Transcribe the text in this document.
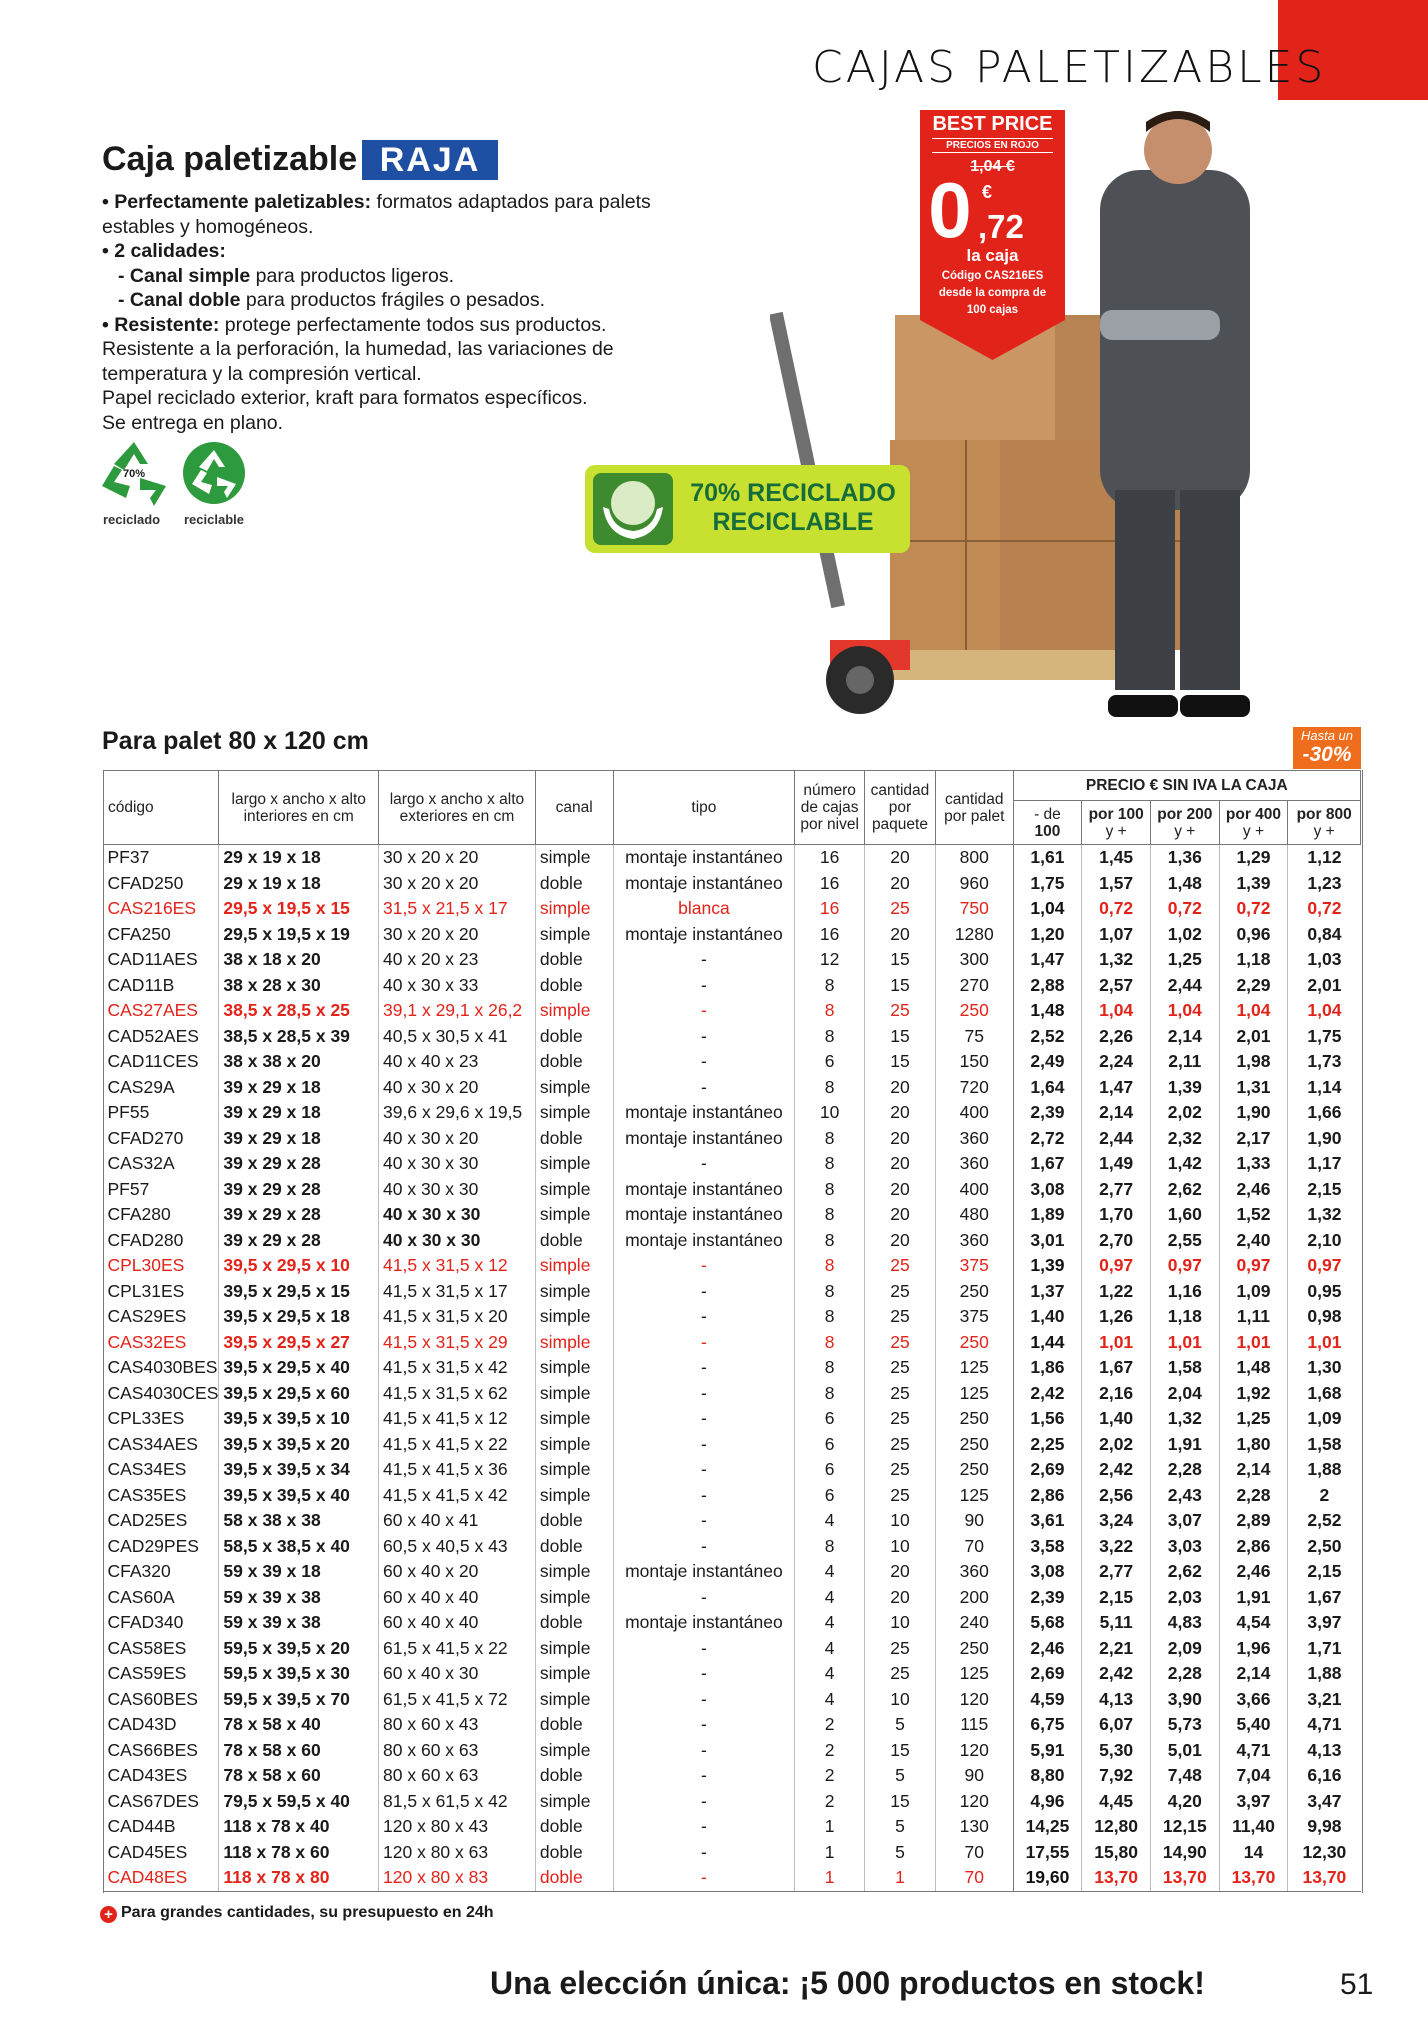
CAJAS PALETIZABLES
Caja paletizable RAJA

• Perfectamente paletizables: formatos adaptados para palets estables y homogéneos.

• 2 calidades:

- Canal simple para productos ligeros.

- Canal doble para productos frágiles o pesados.

• Resistente: protege perfectamente todos sus productos. Resistente a la perforación, la humedad, las variaciones de temperatura y la compresión vertical.

Papel reciclado exterior, kraft para formatos específicos.

Se entrega en plano.

70%
reciclado reciclable
BEST PRICE
PRECIOS EN ROJO
1,04 €
0 €
,72
la caja
Código CAS216ES
desde la compra de
100 cajas
70% RECICLADO
RECICLABLE
Para palet 80 x 120 cm	Hasta un
-30%
código	largo x ancho x alto interiores en cm	largo x ancho x alto exteriores en cm	canal	tipo	número de cajas por nivel	cantidad por paquete	cantidad por palet	PRECIO € SIN IVA LA CAJA				
								- de
100	por 100
y +	por 200
y +	por 400
y +	por 800
y +
PF37	29 x 19 x 18	30 x 20 x 20	simple	montaje instantáneo	16	20	800	1,61	1,45	1,36	1,29	1,12
CFAD250	29 x 19 x 18	30 x 20 x 20	doble	montaje instantáneo	16	20	960	1,75	1,57	1,48	1,39	1,23
CAS216ES	29,5 x 19,5 x 15	31,5 x 21,5 x 17	simple	blanca	16	25	750	1,04	0,72	0,72	0,72	0,72
CFA250	29,5 x 19,5 x 19	30 x 20 x 20	simple	montaje instantáneo	16	20	1280	1,20	1,07	1,02	0,96	0,84
CAD11AES	38 x 18 x 20	40 x 20 x 23	doble	-	12	15	300	1,47	1,32	1,25	1,18	1,03
CAD11B	38 x 28 x 30	40 x 30 x 33	doble	-	8	15	270	2,88	2,57	2,44	2,29	2,01
CAS27AES	38,5 x 28,5 x 25	39,1 x 29,1 x 26,2	simple	-	8	25	250	1,48	1,04	1,04	1,04	1,04
CAD52AES	38,5 x 28,5 x 39	40,5 x 30,5 x 41	doble	-	8	15	75	2,52	2,26	2,14	2,01	1,75
CAD11CES	38 x 38 x 20	40 x 40 x 23	doble	-	6	15	150	2,49	2,24	2,11	1,98	1,73
CAS29A	39 x 29 x 18	40 x 30 x 20	simple	-	8	20	720	1,64	1,47	1,39	1,31	1,14
PF55	39 x 29 x 18	39,6 x 29,6 x 19,5	simple	montaje instantáneo	10	20	400	2,39	2,14	2,02	1,90	1,66
CFAD270	39 x 29 x 18	40 x 30 x 20	doble	montaje instantáneo	8	20	360	2,72	2,44	2,32	2,17	1,90
CAS32A	39 x 29 x 28	40 x 30 x 30	simple	-	8	20	360	1,67	1,49	1,42	1,33	1,17
PF57	39 x 29 x 28	40 x 30 x 30	simple	montaje instantáneo	8	20	400	3,08	2,77	2,62	2,46	2,15
CFA280	39 x 29 x 28	40 x 30 x 30	simple	montaje instantáneo	8	20	480	1,89	1,70	1,60	1,52	1,32
CFAD280	39 x 29 x 28	40 x 30 x 30	doble	montaje instantáneo	8	20	360	3,01	2,70	2,55	2,40	2,10
CPL30ES	39,5 x 29,5 x 10	41,5 x 31,5 x 12	simple	-	8	25	375	1,39	0,97	0,97	0,97	0,97
CPL31ES	39,5 x 29,5 x 15	41,5 x 31,5 x 17	simple	-	8	25	250	1,37	1,22	1,16	1,09	0,95
CAS29ES	39,5 x 29,5 x 18	41,5 x 31,5 x 20	simple	-	8	25	375	1,40	1,26	1,18	1,11	0,98
CAS32ES	39,5 x 29,5 x 27	41,5 x 31,5 x 29	simple	-	8	25	250	1,44	1,01	1,01	1,01	1,01
CAS4030BES	39,5 x 29,5 x 40	41,5 x 31,5 x 42	simple	-	8	25	125	1,86	1,67	1,58	1,48	1,30
CAS4030CES	39,5 x 29,5 x 60	41,5 x 31,5 x 62	simple	-	8	25	125	2,42	2,16	2,04	1,92	1,68
CPL33ES	39,5 x 39,5 x 10	41,5 x 41,5 x 12	simple	-	6	25	250	1,56	1,40	1,32	1,25	1,09
CAS34AES	39,5 x 39,5 x 20	41,5 x 41,5 x 22	simple	-	6	25	250	2,25	2,02	1,91	1,80	1,58
CAS34ES	39,5 x 39,5 x 34	41,5 x 41,5 x 36	simple	-	6	25	250	2,69	2,42	2,28	2,14	1,88
CAS35ES	39,5 x 39,5 x 40	41,5 x 41,5 x 42	simple	-	6	25	125	2,86	2,56	2,43	2,28	2
CAD25ES	58 x 38 x 38	60 x 40 x 41	doble	-	4	10	90	3,61	3,24	3,07	2,89	2,52
CAD29PES	58,5 x 38,5 x 40	60,5 x 40,5 x 43	doble	-	8	10	70	3,58	3,22	3,03	2,86	2,50
CFA320	59 x 39 x 18	60 x 40 x 20	simple	montaje instantáneo	4	20	360	3,08	2,77	2,62	2,46	2,15
CAS60A	59 x 39 x 38	60 x 40 x 40	simple	-	4	20	200	2,39	2,15	2,03	1,91	1,67
CFAD340	59 x 39 x 38	60 x 40 x 40	doble	montaje instantáneo	4	10	240	5,68	5,11	4,83	4,54	3,97
CAS58ES	59,5 x 39,5 x 20	61,5 x 41,5 x 22	simple	-	4	25	250	2,46	2,21	2,09	1,96	1,71
CAS59ES	59,5 x 39,5 x 30	60 x 40 x 30	simple	-	4	25	125	2,69	2,42	2,28	2,14	1,88
CAS60BES	59,5 x 39,5 x 70	61,5 x 41,5 x 72	simple	-	4	10	120	4,59	4,13	3,90	3,66	3,21
CAD43D	78 x 58 x 40	80 x 60 x 43	doble	-	2	5	115	6,75	6,07	5,73	5,40	4,71
CAS66BES	78 x 58 x 60	80 x 60 x 63	simple	-	2	15	120	5,91	5,30	5,01	4,71	4,13
CAD43ES	78 x 58 x 60	80 x 60 x 63	doble	-	2	5	90	8,80	7,92	7,48	7,04	6,16
CAS67DES	79,5 x 59,5 x 40	81,5 x 61,5 x 42	simple	-	2	15	120	4,96	4,45	4,20	3,97	3,47
CAD44B	118 x 78 x 40	120 x 80 x 43	doble	-	1	5	130	14,25	12,80	12,15	11,40	9,98
CAD45ES	118 x 78 x 60	120 x 80 x 63	doble	-	1	5	70	17,55	15,80	14,90	14	12,30
CAD48ES	118 x 78 x 80	120 x 80 x 83	doble	-	1	1	70	19,60	13,70	13,70	13,70	13,70
+ Para grandes cantidades, su presupuesto en 24h
Una elección única: ¡5 000 productos en stock!	51
